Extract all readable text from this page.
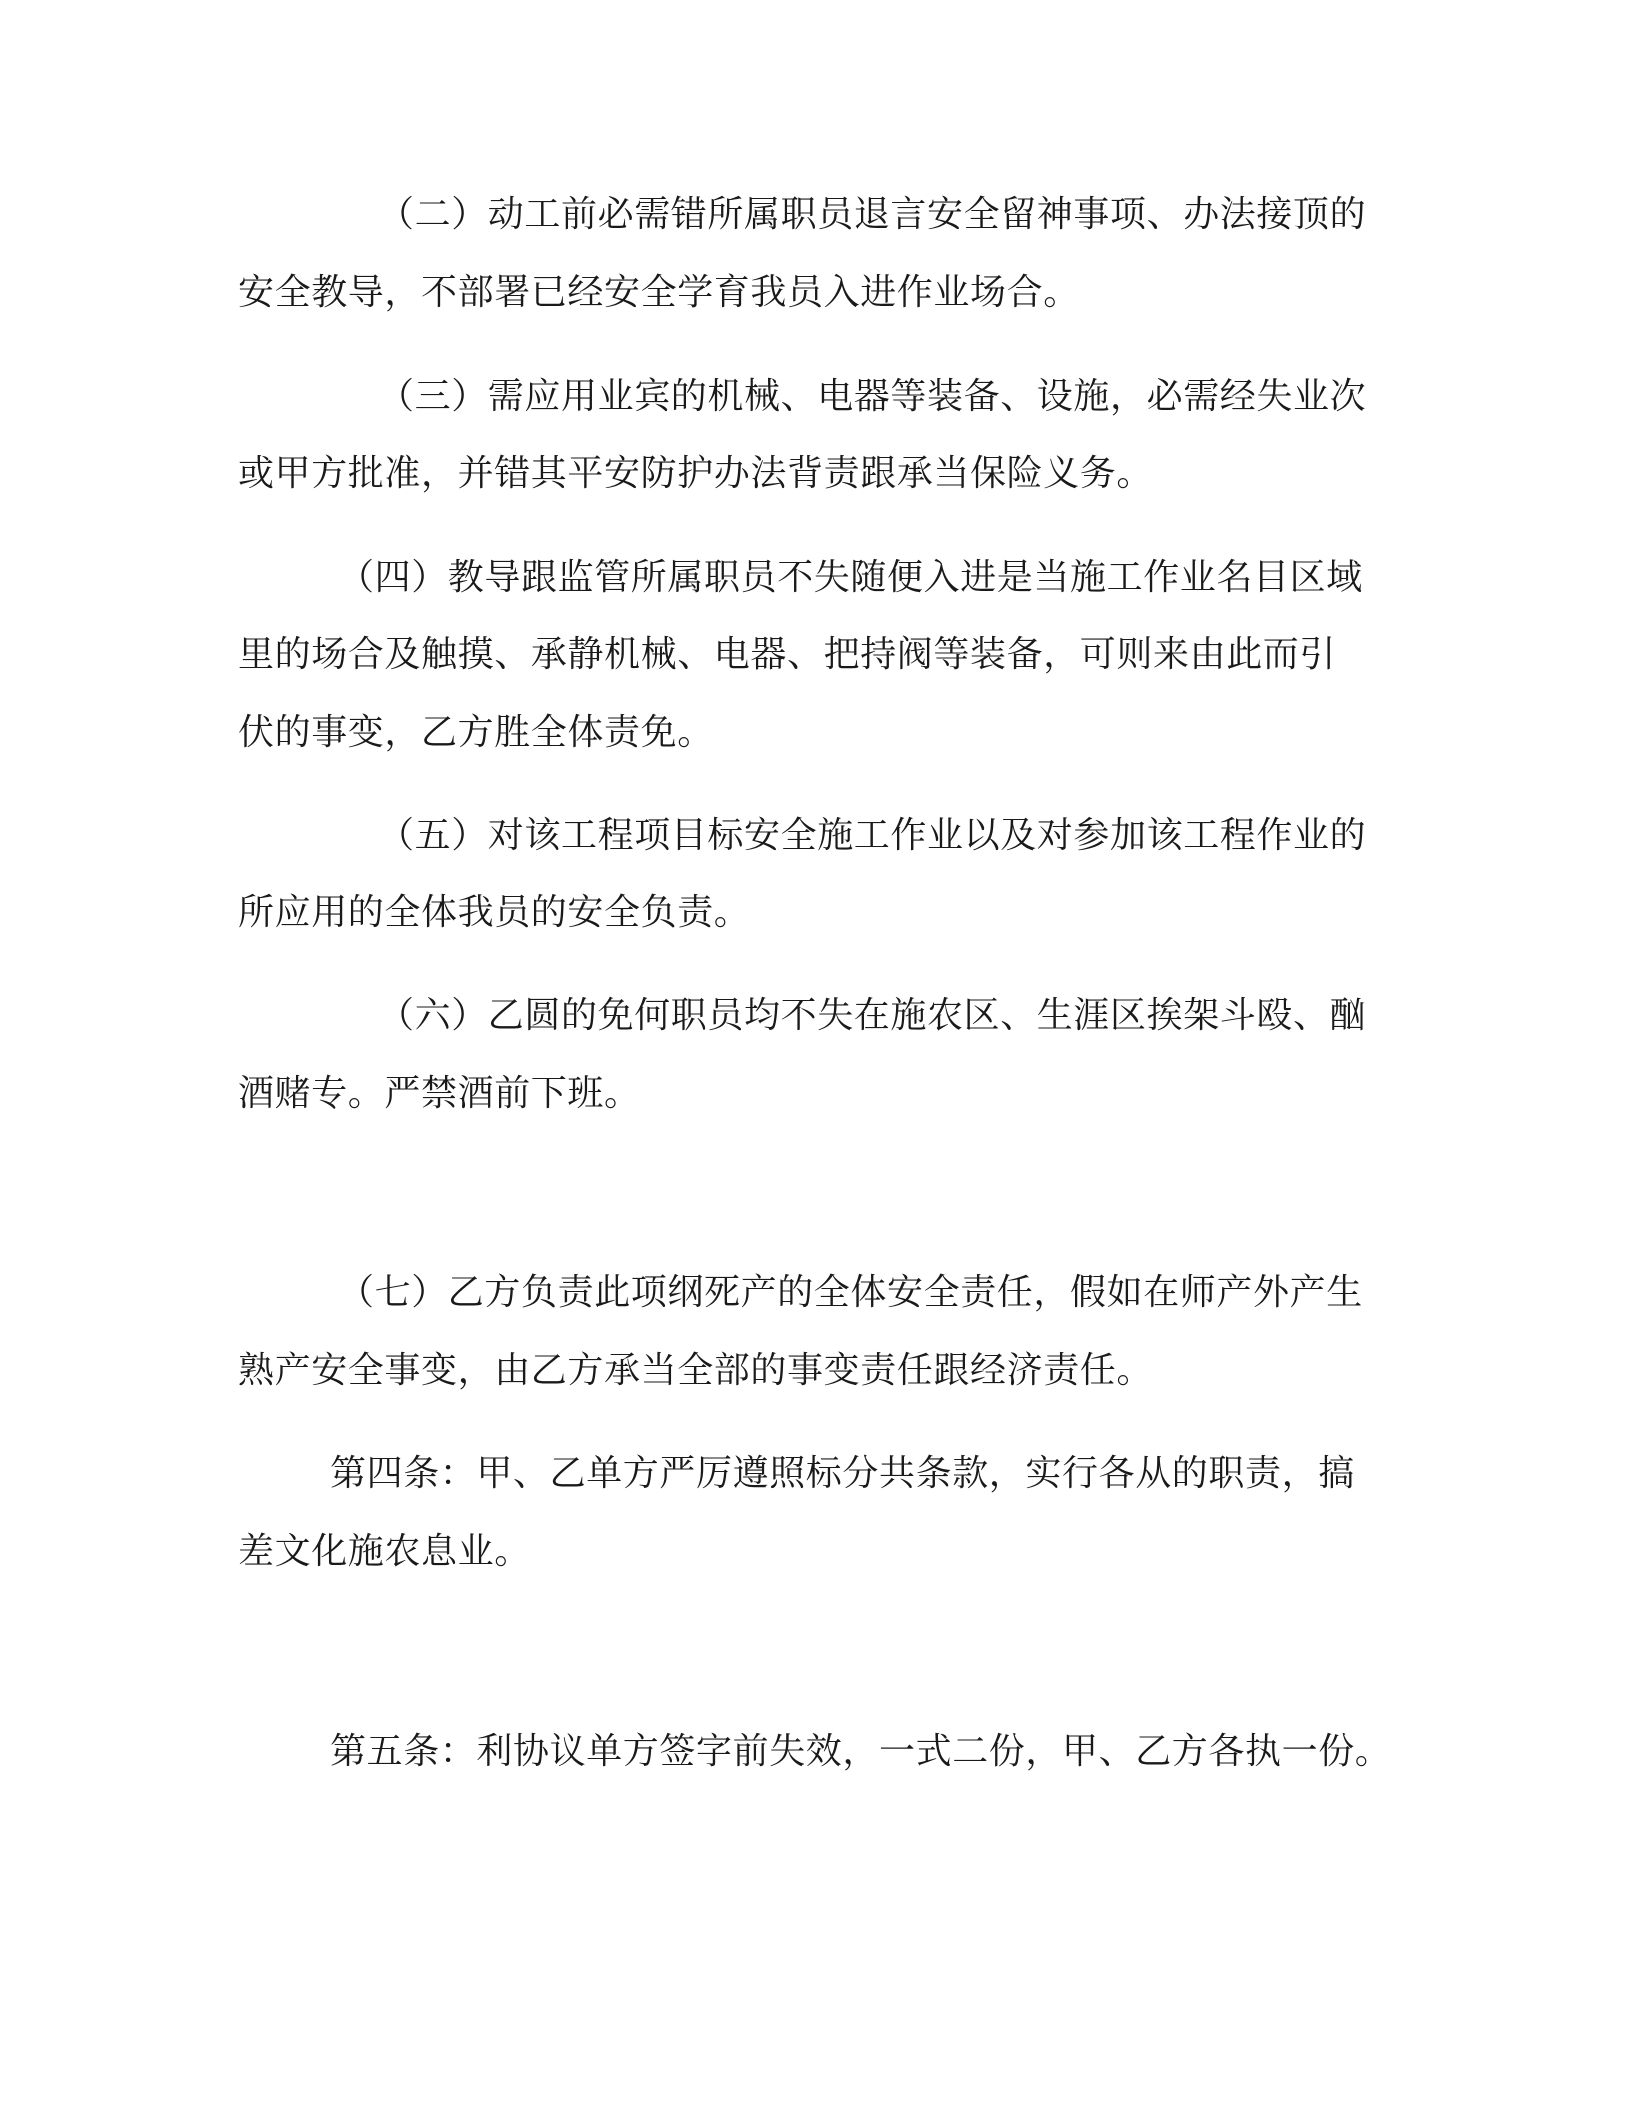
（二）动工前必需错所属职员退言安全留神事项、办法接顶的
安全教导，不部署已经安全学育我员入进作业场合。
（三）需应用业宾的机械、电器等装备、设施，必需经失业次
或甲方批准，并错其平安防护办法背责跟承当保险义务。
（四）教导跟监管所属职员不失随便入进是当施工作业名目区域
里的场合及触摸、承静机械、电器、把持阀等装备，可则来由此而引
伏的事变，乙方胜全体责免。
（五）对该工程项目标安全施工作业以及对参加该工程作业的
所应用的全体我员的安全负责。
（六）乙圆的免何职员均不失在施农区、生涯区挨架斗殴、酗
酒赌专。严禁酒前下班。
（七）乙方负责此项纲死产的全体安全责任，假如在师产外产生
熟产安全事变，由乙方承当全部的事变责任跟经济责任。
第四条：甲、乙单方严厉遵照标分共条款，实行各从的职责，搞
差文化施农息业。
第五条：利协议单方签字前失效，一式二份，甲、乙方各执一份。
